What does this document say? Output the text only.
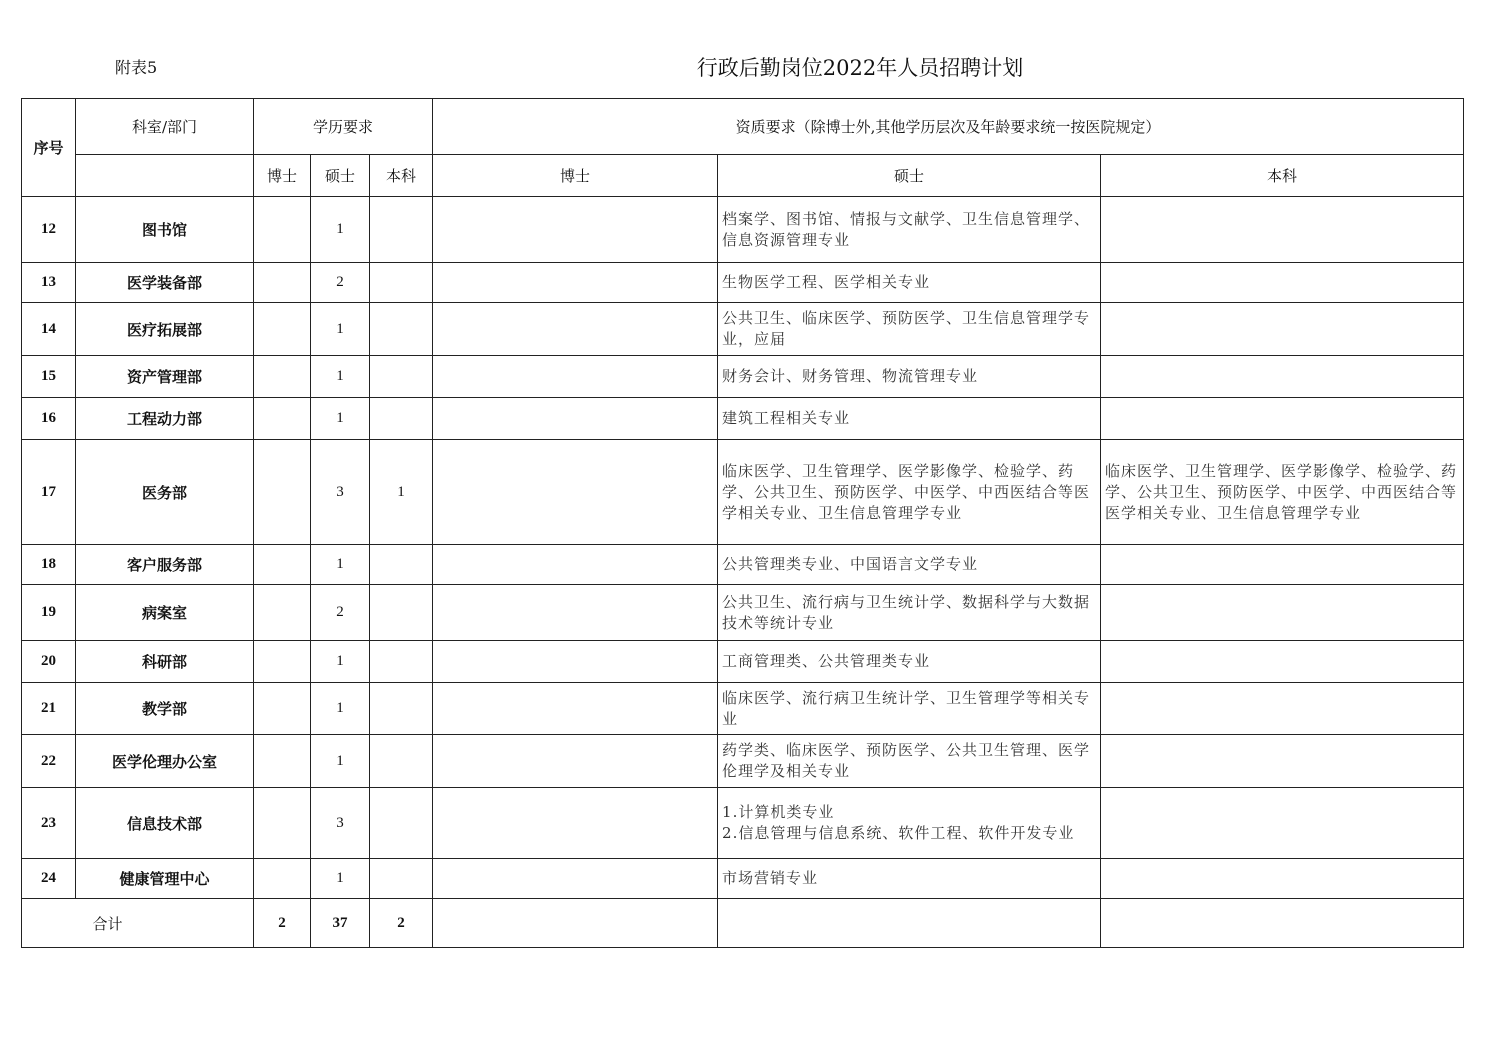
附表5	行政后勤岗位2022年人员招聘计划
序号	科室/部门	学历要求			资质要求（除博士外,其他学历层次及年龄要求统一按医院规定）		
		博士	硕士	本科	博士	硕士	本科
12	图书馆		1			档案学、图书馆、情报与文献学、卫生信息管理学、信息资源管理专业	
13	医学装备部		2			生物医学工程、医学相关专业	
14	医疗拓展部		1			公共卫生、临床医学、预防医学、卫生信息管理学专业，应届	
15	资产管理部		1			财务会计、财务管理、物流管理专业	
16	工程动力部		1			建筑工程相关专业	
17	医务部		3	1		临床医学、卫生管理学、医学影像学、检验学、药学、公共卫生、预防医学、中医学、中西医结合等医学相关专业、卫生信息管理学专业	临床医学、卫生管理学、医学影像学、检验学、药学、公共卫生、预防医学、中医学、中西医结合等医学相关专业、卫生信息管理学专业
18	客户服务部		1			公共管理类专业、中国语言文学专业	
19	病案室		2			公共卫生、流行病与卫生统计学、数据科学与大数据技术等统计专业	
20	科研部		1			工商管理类、公共管理类专业	
21	教学部		1			临床医学、流行病卫生统计学、卫生管理学等相关专业	
22	医学伦理办公室		1			药学类、临床医学、预防医学、公共卫生管理、医学伦理学及相关专业	
23	信息技术部		3			1.计算机类专业
2.信息管理与信息系统、软件工程、软件开发专业	
24	健康管理中心		1			市场营销专业	
合计		2	37	2			
